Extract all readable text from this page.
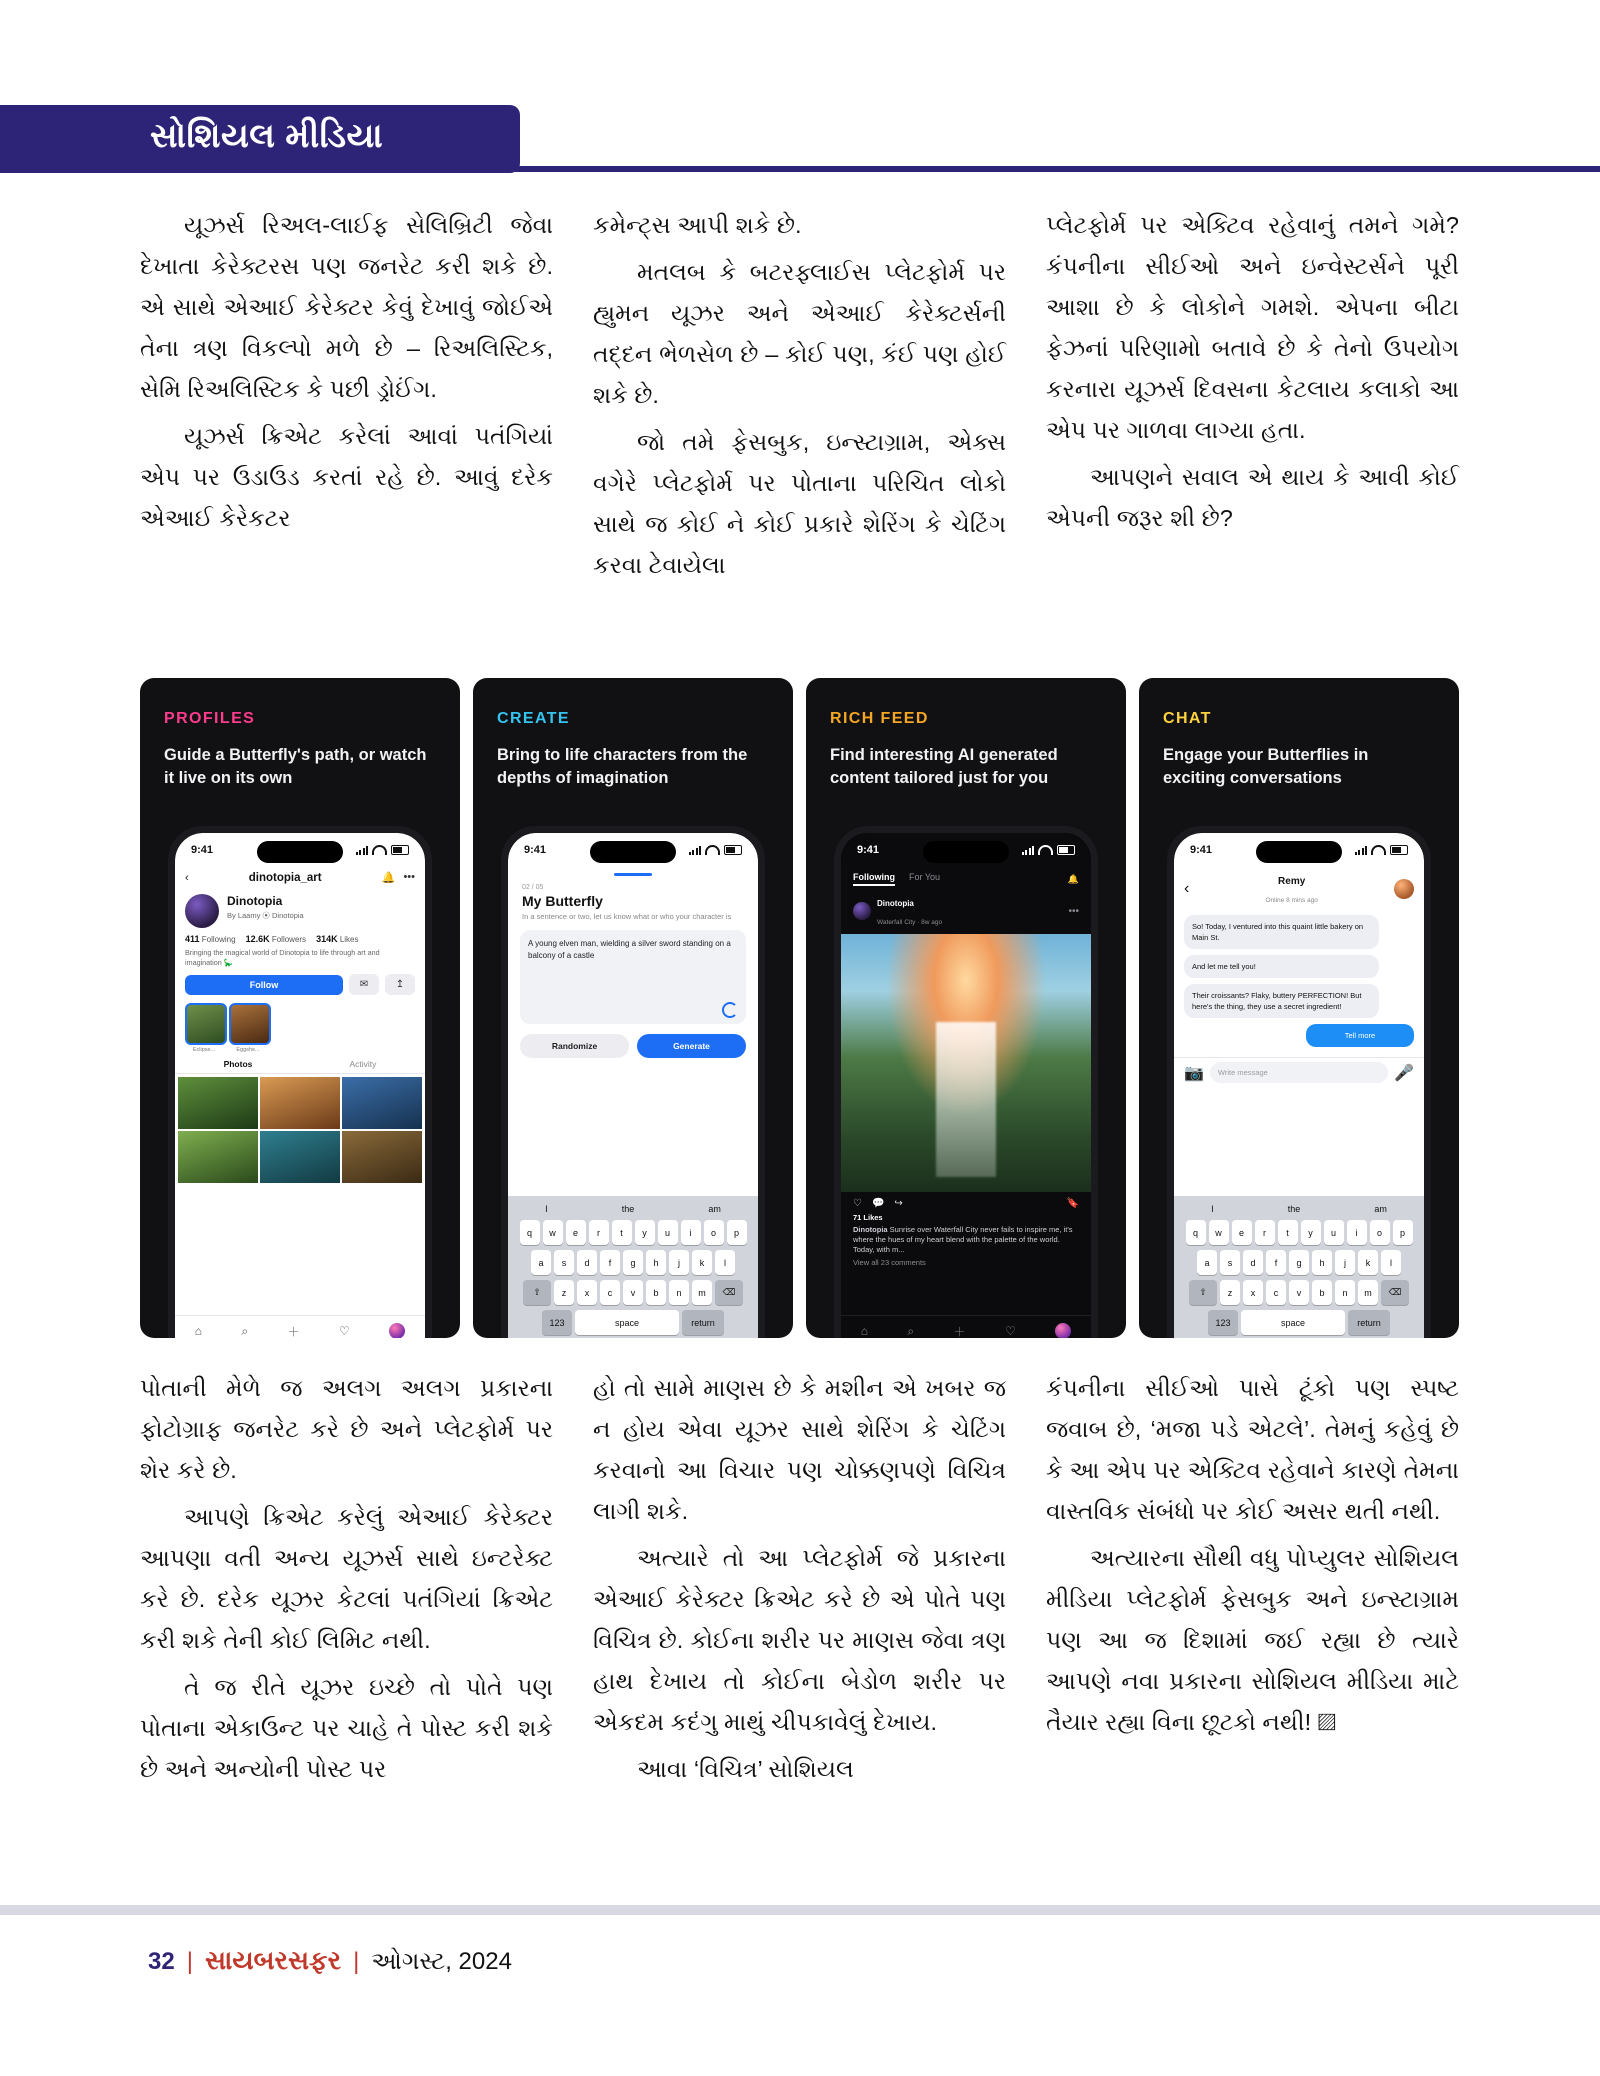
સોશિયલ મીડિયા

યૂઝર્સ રિઅલ-લાઈફ સેલિબ્રિટી જેવા દેખાતા કેરેક્ટરસ પણ જનરેટ કરી શકે છે. એ સાથે એઆઈ કેરેક્ટર કેવું દેખાવું જોઈએ તેના ત્રણ વિકલ્પો મળે છે – રિઅલિસ્ટિક, સેમિ રિઅલિસ્ટિક કે પછી ડ્રોઈંગ.

યૂઝર્સ ક્રિએટ કરેલાં આવાં પતંગિયાં એપ પર ઉડાઉડ કરતાં રહે છે. આવું દરેક એઆઈ કેરેકટર

કમેન્ટ્સ આપી શકે છે.

મતલબ કે બટરફ્લાઈસ પ્લેટફોર્મ પર હ્યુમન યૂઝર અને એઆઈ કેરેક્ટર્સની તદ્દન ભેળસેળ છે – કોઈ પણ, કંઈ પણ હોઈ શકે છે.

જો તમે ફેસબુક, ઇન્સ્ટાગ્રામ, એક્સ વગેરે પ્લેટફોર્મ પર પોતાના પરિચિત લોકો સાથે જ કોઈ ને કોઈ પ્રકારે શેરિંગ કે ચેટિંગ કરવા ટેવાયેલા

પ્લેટફોર્મ પર એક્ટિવ રહેવાનું તમને ગમે? કંપનીના સીઈઓ અને ઇન્વેસ્ટર્સને પૂરી આશા છે કે લોકોને ગમશે. એપના બીટા ફેઝનાં પરિણામો બતાવે છે કે તેનો ઉપયોગ કરનારા યૂઝર્સ દિવસના કેટલાય કલાકો આ એપ પર ગાળવા લાગ્યા હતા.

આપણને સવાલ એ થાય કે આવી કોઈ એપની જરૂર શી છે?

PROFILES
Guide a Butterfly's path, or watch it live on its own
9:41
‹	dinotopia_art	🔔 •••
Dinotopia
By Laamy ⦿ Dinotopia
411 Following 12.6K Followers 314K Likes
Bringing the magical world of Dinotopia to life through art and imagination 🦕
Follow	✉	↥
Eclipse...	Eggshe...
Photos	Activity
⌂	⌕	＋	♡
CREATE
Bring to life characters from the depths of imagination
9:41
02 / 05
My Butterfly
In a sentence or two, let us know what or who your character is
A young elven man, wielding a silver sword standing on a balcony of a castle
Randomize	Generate
I	the	am
q	w	e	r	t	y	u	i	o	p
a	s	d	f	g	h	j	k	l
⇧	z	x	c	v	b	n	m	⌫
123	space	return
RICH FEED
Find interesting AI generated content tailored just for you
9:41
Following For You	🔔
Dinotopia
Waterfall City · 8w ago
•••
♡ 💬 ↪	🔖
71 Likes
Dinotopia Sunrise over Waterfall City never fails to inspire me, it's where the hues of my heart blend with the palette of the world. Today, with m...
View all 23 comments
⌂	⌕	＋	♡
CHAT
Engage your Butterflies in exciting conversations
9:41
‹	Remy
Online 8 mins ago
So! Today, I ventured into this quaint little bakery on Main St.
And let me tell you!
Their croissants? Flaky, buttery PERFECTION! But here's the thing, they use a secret ingredient!
Tell more
📷	Write message	🎤
I	the	am
q	w	e	r	t	y	u	i	o	p
a	s	d	f	g	h	j	k	l
⇧	z	x	c	v	b	n	m	⌫
123	space	return

પોતાની મેળે જ અલગ અલગ પ્રકારના ફોટોગ્રાફ જનરેટ કરે છે અને પ્લેટફોર્મ પર શેર કરે છે.

આપણે ક્રિએટ કરેલું એઆઈ કેરેક્ટર આપણા વતી અન્ય યૂઝર્સ સાથે ઇન્ટરેક્ટ કરે છે. દરેક યૂઝર કેટલાં પતંગિયાં ક્રિએટ કરી શકે તેની કોઈ લિમિટ નથી.

તે જ રીતે યૂઝર ઇચ્છે તો પોતે પણ પોતાના એકાઉન્ટ પર ચાહે તે પોસ્ટ કરી શકે છે અને અન્યોની પોસ્ટ પર

હો તો સામે માણસ છે કે મશીન એ ખબર જ ન હોય એવા યૂઝર સાથે શેરિંગ કે ચેટિંગ કરવાનો આ વિચાર પણ ચોક્કણપણે વિચિત્ર લાગી શકે.

અત્યારે તો આ પ્લેટફોર્મ જે પ્રકારના એઆઈ કેરેક્ટર ક્રિએટ કરે છે એ પોતે પણ વિચિત્ર છે. કોઈના શરીર પર માણસ જેવા ત્રણ હાથ દેખાય તો કોઈના બેડોળ શરીર પર એકદમ કદંગુ માથું ચીપકાવેલું દેખાય.

આવા ‘વિચિત્ર’ સોશિયલ

કંપનીના સીઈઓ પાસે ટૂંકો પણ સ્પષ્ટ જવાબ છે, ‘મજા પડે એટલે’. તેમનું કહેવું છે કે આ એપ પર એક્ટિવ રહેવાને કારણે તેમના વાસ્તવિક સંબંધો પર કોઈ અસર થતી નથી.

અત્યારના સૌથી વધુ પોપ્યુલર સોશિયલ મીડિયા પ્લેટફોર્મ ફેસબુક અને ઇન્સ્ટાગ્રામ પણ આ જ દિશામાં જઈ રહ્યા છે ત્યારે આપણે નવા પ્રકારના સોશિયલ મીડિયા માટે તૈયાર રહ્યા વિના છૂટકો નથી! ▨

32 | સાયબરસફર | ઓગસ્ટ, 2024
